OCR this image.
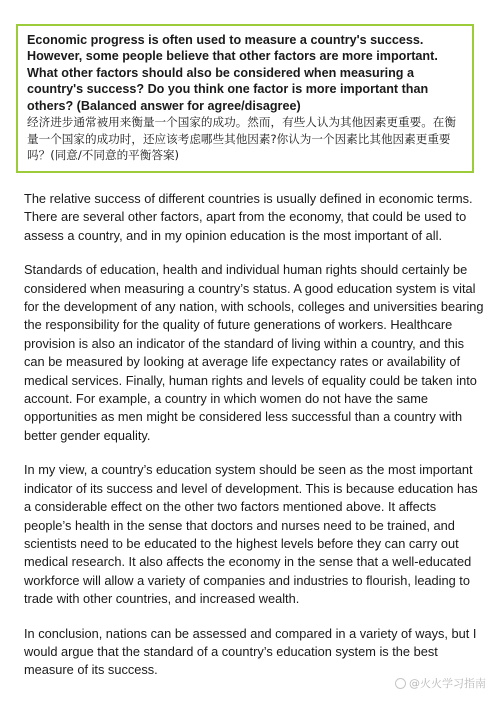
Economic progress is often used to measure a country's success. However, some people believe that other factors are more important. What other factors should also be considered when measuring a country's success? Do you think one factor is more important than others? (Balanced answer for agree/disagree)

经济进步通常被用来衡量一个国家的成功。然而，有些人认为其他因素更重要。在衡量一个国家的成功时，还应该考虑哪些其他因素?你认为一个因素比其他因素更重要吗？(同意/不同意的平衡答案)

The relative success of different countries is usually defined in economic terms. There are several other factors, apart from the economy, that could be used to assess a country, and in my opinion education is the most important of all.

Standards of education, health and individual human rights should certainly be considered when measuring a country’s status. A good education system is vital for the development of any nation, with schools, colleges and universities bearing the responsibility for the quality of future generations of workers. Healthcare provision is also an indicator of the standard of living within a country, and this can be measured by looking at average life expectancy rates or availability of medical services. Finally, human rights and levels of equality could be taken into account. For example, a country in which women do not have the same opportunities as men might be considered less successful than a country with better gender equality.

In my view, a country’s education system should be seen as the most important indicator of its success and level of development. This is because education has a considerable effect on the other two factors mentioned above. It affects people’s health in the sense that doctors and nurses need to be trained, and scientists need to be educated to the highest levels before they can carry out medical research. It also affects the economy in the sense that a well-educated workforce will allow a variety of companies and industries to flourish, leading to trade with other countries, and increased wealth.

In conclusion, nations can be assessed and compared in a variety of ways, but I would argue that the standard of a country’s education system is the best measure of its success.

@火火学习指南
